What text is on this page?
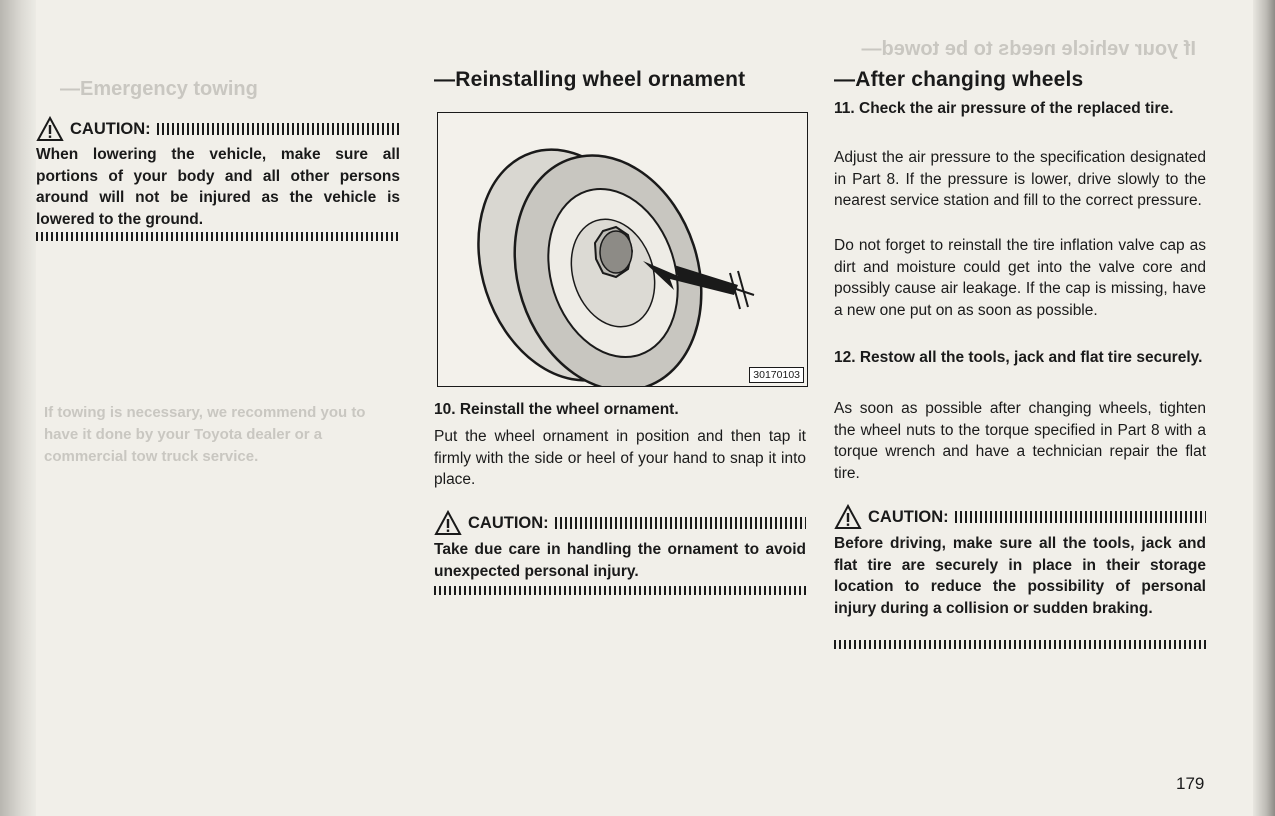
—Emergency towing
If towing is necessary, we recommend you to have it done by your Toyota dealer or a commercial tow truck service.
If your vehicle needs to be towed—
CAUTION:
When lowering the vehicle, make sure all portions of your body and all other persons around will not be injured as the vehicle is lowered to the ground.
—Reinstalling wheel ornament
30170103
10. Reinstall the wheel ornament.
Put the wheel ornament in position and then tap it firmly with the side or heel of your hand to snap it into place.
CAUTION:
Take due care in handling the ornament to avoid unexpected personal injury.
—After changing wheels
11. Check the air pressure of the replaced tire.
Adjust the air pressure to the specification designated in Part 8. If the pressure is lower, drive slowly to the nearest service station and fill to the correct pressure.
Do not forget to reinstall the tire inflation valve cap as dirt and moisture could get into the valve core and possibly cause air leakage. If the cap is missing, have a new one put on as soon as possible.
12. Restow all the tools, jack and flat tire securely.
As soon as possible after changing wheels, tighten the wheel nuts to the torque specified in Part 8 with a torque wrench and have a technician repair the flat tire.
CAUTION:
Before driving, make sure all the tools, jack and flat tire are securely in place in their storage location to reduce the possibility of personal injury during a collision or sudden braking.
179
